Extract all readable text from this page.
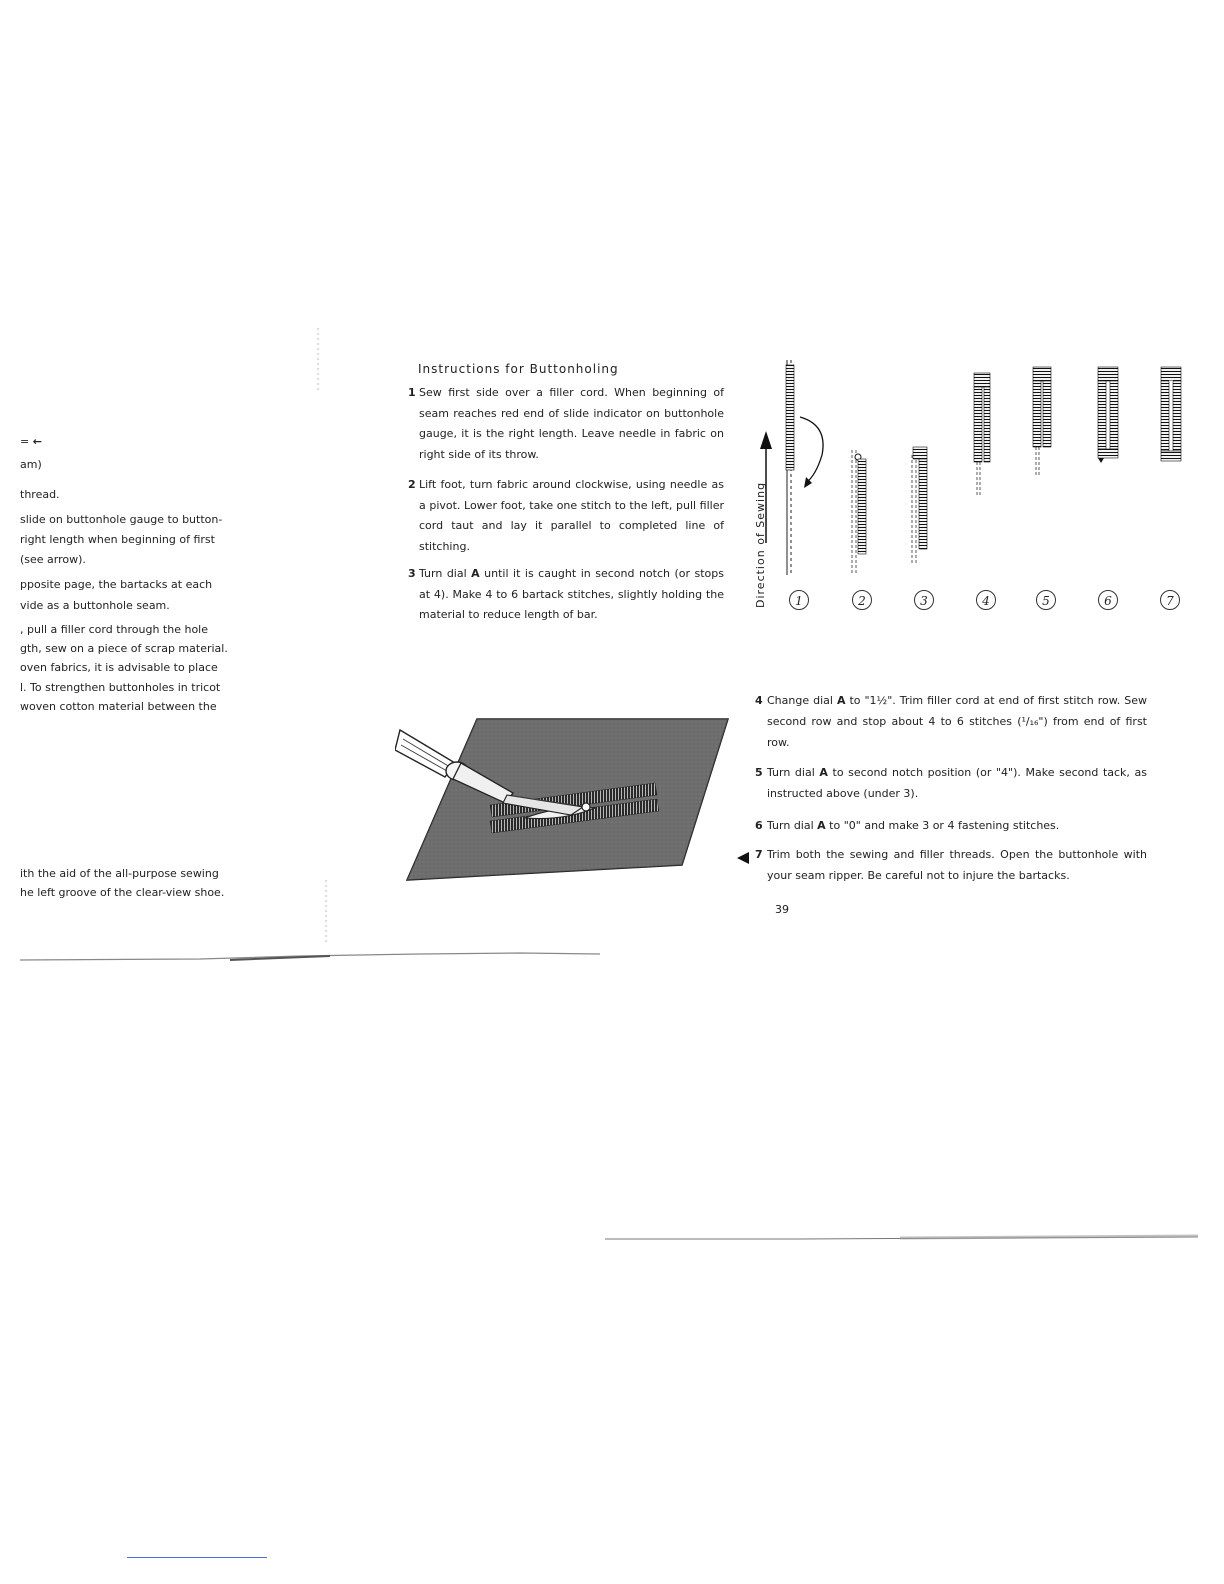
= ←
am)
thread.
slide on buttonhole gauge to button-
right length when beginning of first
(see arrow).
pposite page, the bartacks at each
vide as a buttonhole seam.
, pull a filler cord through the hole
gth, sew on a piece of scrap material.
oven fabrics, it is advisable to place
l. To strengthen buttonholes in tricot
woven cotton material between the
ith the aid of the all-purpose sewing
he left groove of the clear-view shoe.
Instructions for Buttonholing
1 Sew first side over a filler cord. When beginning of seam reaches red end of slide indicator on buttonhole gauge, it is the right length. Leave needle in fabric on right side of its throw.
2 Lift foot, turn fabric around clockwise, using needle as a pivot. Lower foot, take one stitch to the left, pull filler cord taut and lay it parallel to completed line of stitching.
3 Turn dial A until it is caught in second notch (or stops at 4). Make 4 to 6 bartack stitches, slightly holding the material to reduce length of bar.
Direction of Sewing	1	2	3	4	5	6	7
4 Change dial A to "1½". Trim filler cord at end of first stitch row. Sew second row and stop about 4 to 6 stitches (¹/₁₆") from end of first row.
5 Turn dial A to second notch position (or "4"). Make second tack, as instructed above (under 3).
6 Turn dial A to "0" and make 3 or 4 fastening stitches.
7 Trim both the sewing and filler threads. Open the buttonhole with your seam ripper. Be careful not to injure the bartacks.
39
